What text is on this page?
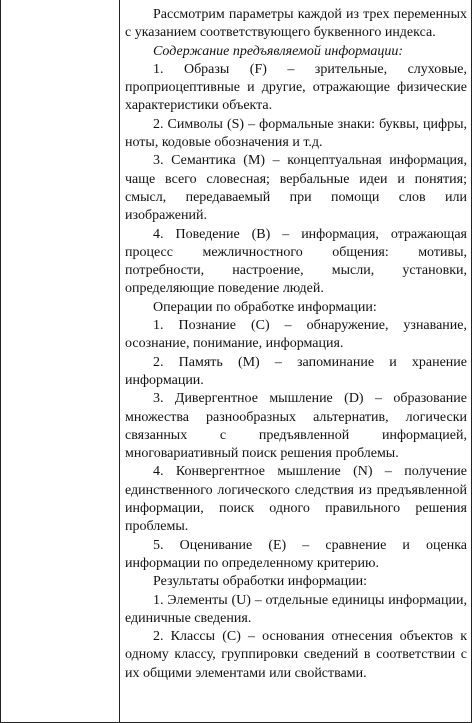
Рассмотрим параметры каждой из трех переменных с указанием соответствующего буквенного индекса.

Содержание предъявляемой информации:

1. Образы (F) – зрительные, слуховые, проприоцептивные и другие, отражающие физические характеристики объекта.

2. Символы (S) – формальные знаки: буквы, цифры, ноты, кодовые обозначения и т.д.

3. Семантика (M) – концептуальная информация, чаще всего словесная; вербальные идеи и понятия; смысл, передаваемый при помощи слов или изображений.

4. Поведение (B) – информация, отражающая процесс межличностного общения: мотивы, потребности, настроение, мысли, установки, определяющие поведение людей.

Операции по обработке информации:

1. Познание (C) – обнаружение, узнавание, осознание, понимание, информация.

2. Память (M) – запоминание и хранение информации.

3. Дивергентное мышление (D) – образование множества разнообразных альтернатив, логически связанных с предъявленной информацией, многовариативный поиск решения проблемы.

4. Конвергентное мышление (N) – получение единственного логического следствия из предъявленной информации, поиск одного правильного решения проблемы.

5. Оценивание (E) – сравнение и оценка информации по определенному критерию.

Результаты обработки информации:

1. Элементы (U) – отдельные единицы информации, единичные сведения.

2. Классы (C) – основания отнесения объектов к одному классу, группировки сведений в соответствии с их общими элементами или свойствами.
